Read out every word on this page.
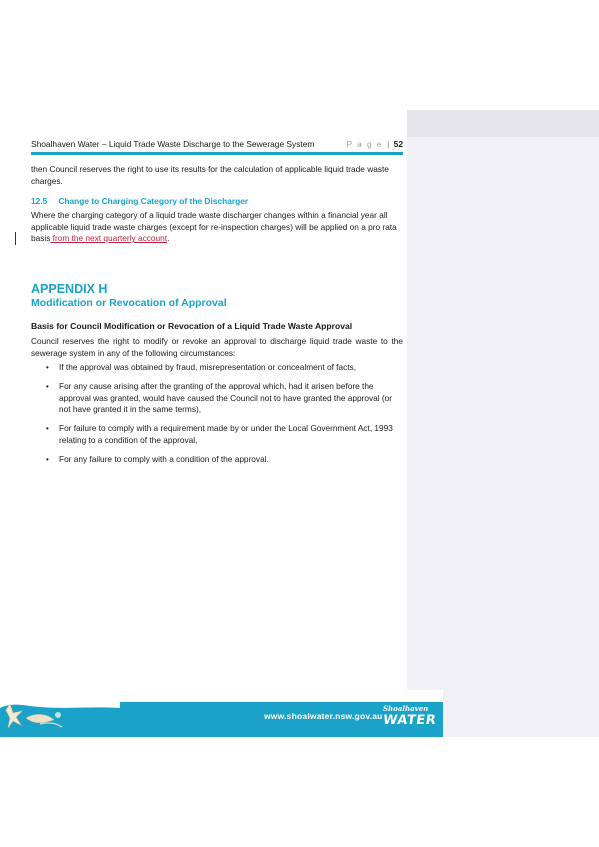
Shoalhaven Water – Liquid Trade Waste Discharge to the Sewerage System	P a g e | 52

then Council reserves the right to use its results for the calculation of applicable liquid trade waste charges.

12.5 Change to Charging Category of the Discharger

Where the charging category of a liquid trade waste discharger changes within a financial year all applicable liquid trade waste charges (except for re-inspection charges) will be applied on a pro rata basis from the next quarterly account.

APPENDIX H
Modification or Revocation of Approval
Basis for Council Modification or Revocation of a Liquid Trade Waste Approval

Council reserves the right to modify or revoke an approval to discharge liquid trade waste to the sewerage system in any of the following circumstances:

• If the approval was obtained by fraud, misrepresentation or concealment of facts,
• For any cause arising after the granting of the approval which, had it arisen before the approval was granted, would have caused the Council not to have granted the approval (or not have granted it in the same terms),
• For failure to comply with a requirement made by or under the Local Government Act, 1993 relating to a condition of the approval,
• For any failure to comply with a condition of the approval.
www.shoalwater.nsw.gov.au
Shoalhaven
WATER
